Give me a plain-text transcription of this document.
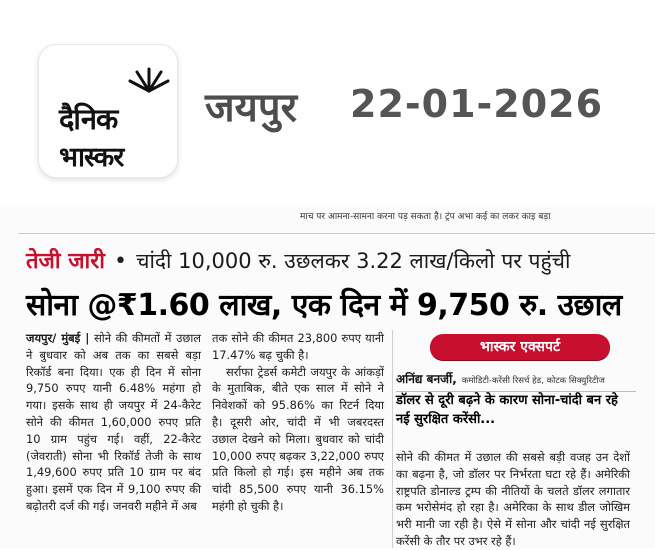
दैनिक
भास्कर
जयपुर 22-01-2026
माच पर आमना-सामना करना पड़ सकता है। ट्रंप अभा कई का लकर काइ बड़ा
तेजी जारी • चांदी 10,000 रु. उछलकर 3.22 लाख/किलो पर पहुंची
सोना @₹1.60 लाख, एक दिन में 9,750 रु. उछाल
जयपुर/ मुंबई | सोने की कीमतों में उछाल ने बुधवार को अब तक का सबसे बड़ा रिकॉर्ड बना दिया। एक ही दिन में सोना 9,750 रुपए यानी 6.48% महंगा हो गया। इसके साथ ही जयपुर में 24-कैरेट सोने की कीमत 1,60,000 रुपए प्रति 10 ग्राम पहुंच गई। वहीं, 22-कैरेट (जेवराती) सोना भी रिकॉर्ड तेजी के साथ 1,49,600 रुपए प्रति 10 ग्राम पर बंद हुआ। इसमें एक दिन में 9,100 रुपए की बढ़ोतरी दर्ज की गई। जनवरी महीने में अब
तक सोने की कीमत 23,800 रुपए यानी 17.47% बढ़ चुकी है।
सर्राफा ट्रेडर्स कमेटी जयपुर के आंकड़ों के मुताबिक, बीते एक साल में सोने ने निवेशकों को 95.86% का रिटर्न दिया है। दूसरी ओर, चांदी में भी जबरदस्त उछाल देखने को मिला। बुधवार को चांदी 10,000 रुपए बढ़कर 3,22,000 रुपए प्रति किलो हो गई। इस महीने अब तक चांदी 85,500 रुपए यानी 36.15% महंगी हो चुकी है।
भास्कर एक्सपर्ट
अनिंद्य बनर्जी, कमोडिटी-करेंसी रिसर्च हेड, कोटक सिक्युरिटीज
डॉलर से दूरी बढ़ने के कारण सोना-चांदी बन रहे नई सुरक्षित करेंसी...
सोने की कीमत में उछाल की सबसे बड़ी वजह उन देशों का बढ़ना है, जो डॉलर पर निर्भरता घटा रहे हैं। अमेरिकी राष्ट्रपति डोनाल्ड ट्रम्प की नीतियों के चलते डॉलर लगातार कम भरोसेमंद हो रहा है। अमेरिका के साथ डील जोखिम भरी मानी जा रही है। ऐसे में सोना और चांदी नई सुरक्षित करेंसी के तौर पर उभर रहे हैं।
